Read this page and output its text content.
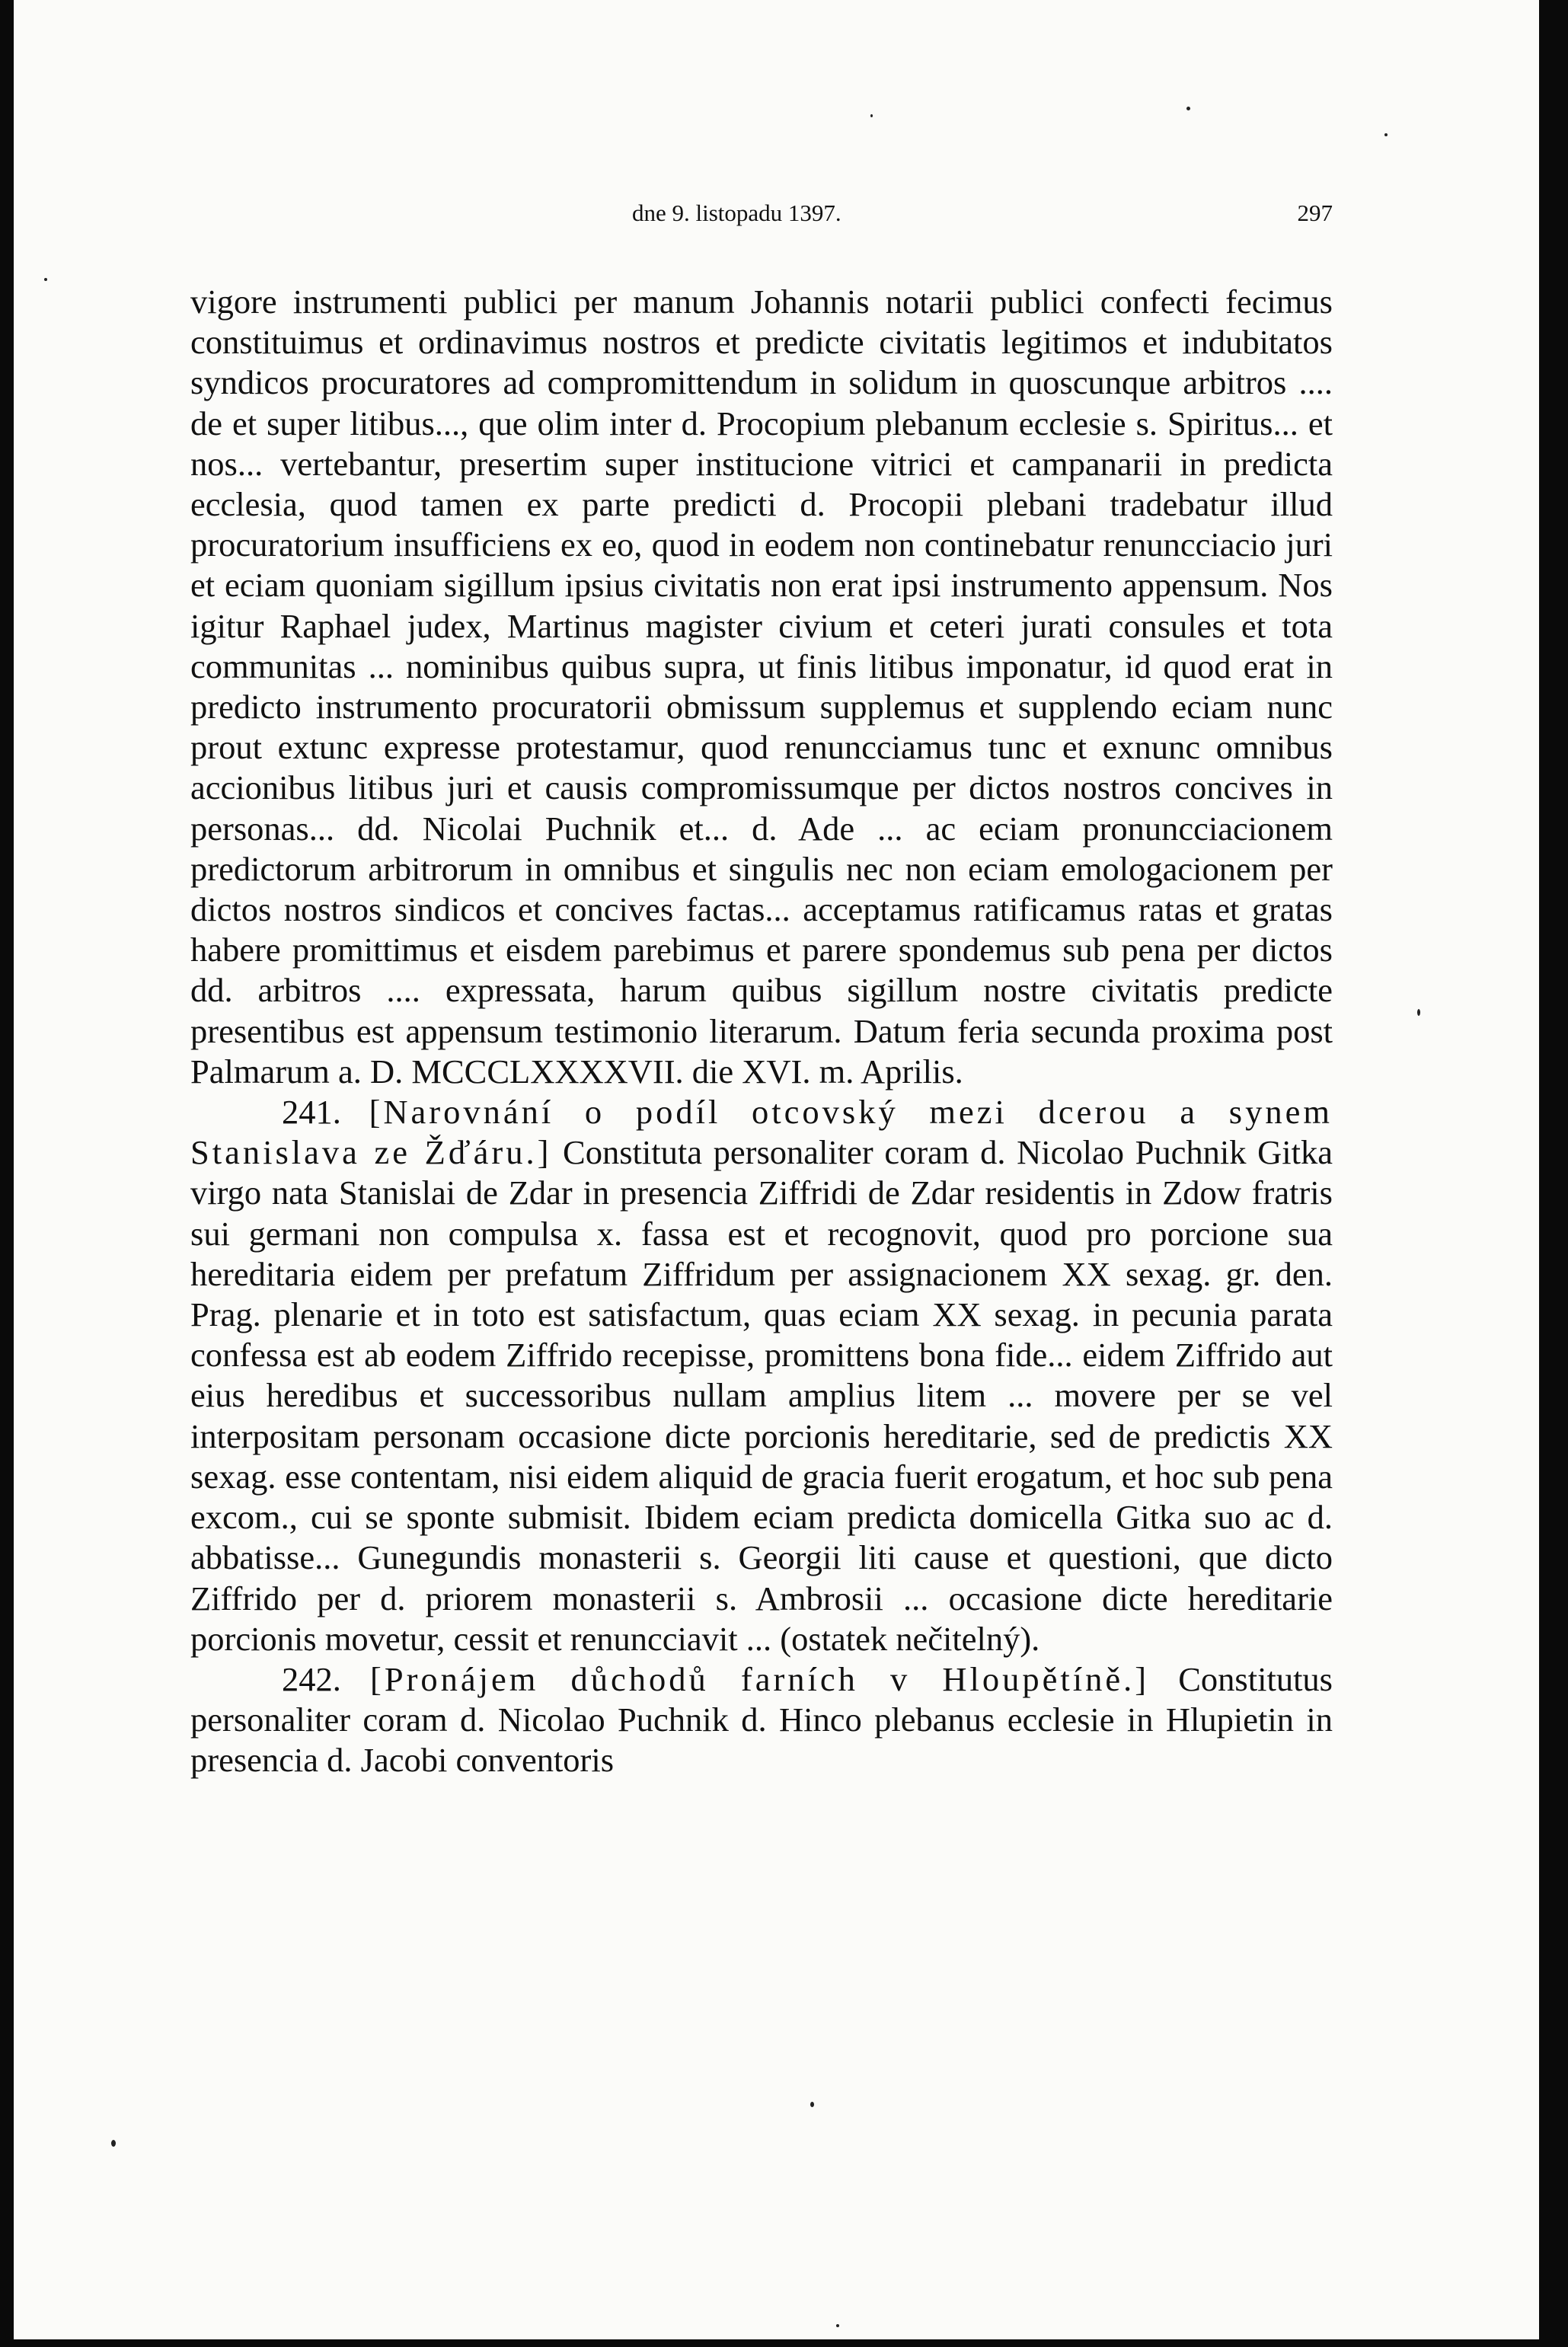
dne 9. listopadu 1397.	297

vigore instrumenti publici per manum Johannis notarii publici confecti fecimus constituimus et ordinavimus nostros et predicte civitatis legitimos et indubitatos syndicos procuratores ad compromittendum in solidum in quoscunque arbitros .... de et super litibus..., que olim inter d. Procopium plebanum ecclesie s. Spiritus... et nos... vertebantur, presertim super institucione vitrici et campanarii in predicta ecclesia, quod tamen ex parte predicti d. Procopii plebani tradebatur illud procuratorium insufficiens ex eo, quod in eodem non continebatur renuncciacio juri et eciam quoniam sigillum ipsius civitatis non erat ipsi instrumento appensum. Nos igitur Raphael judex, Martinus magister civium et ceteri jurati consules et tota communitas ... nominibus quibus supra, ut finis litibus imponatur, id quod erat in predicto instrumento procuratorii obmissum supplemus et supplendo eciam nunc prout extunc expresse protestamur, quod renuncciamus tunc et exnunc omnibus accionibus litibus juri et causis compromissumque per dictos nostros concives in personas... dd. Nicolai Puchnik et... d. Ade ... ac eciam pronuncciacionem predictorum arbitrorum in omnibus et singulis nec non eciam emologacionem per dictos nostros sindicos et concives factas... acceptamus ratificamus ratas et gratas habere promittimus et eisdem parebimus et parere spondemus sub pena per dictos dd. arbitros .... expressata, harum quibus sigillum nostre civitatis predicte presentibus est appensum testimonio literarum. Datum feria secunda proxima post Palmarum a. D. MCCCLXXXXVII. die XVI. m. Aprilis.

241. [Narovnání o podíl otcovský mezi dcerou a synem Stanislava ze Žďáru.] Constituta personaliter coram d. Nicolao Puchnik Gitka virgo nata Stanislai de Zdar in presencia Ziffridi de Zdar residentis in Zdow fratris sui germani non compulsa x. fassa est et recognovit, quod pro porcione sua hereditaria eidem per prefatum Ziffridum per assignacionem XX sexag. gr. den. Prag. plenarie et in toto est satisfactum, quas eciam XX sexag. in pecunia parata confessa est ab eodem Ziffrido recepisse, promittens bona fide... eidem Ziffrido aut eius heredibus et successoribus nullam amplius litem ... movere per se vel interpositam personam occasione dicte porcionis hereditarie, sed de predictis XX sexag. esse contentam, nisi eidem aliquid de gracia fuerit erogatum, et hoc sub pena excom., cui se sponte submisit. Ibidem eciam predicta domicella Gitka suo ac d. abbatisse... Gunegundis monasterii s. Georgii liti cause et questioni, que dicto Ziffrido per d. priorem monasterii s. Ambrosii ... occasione dicte hereditarie porcionis movetur, cessit et renuncciavit ... (ostatek nečitelný).

242. [Pronájem důchodů farních v Hloupětíně.] Constitutus personaliter coram d. Nicolao Puchnik d. Hinco plebanus ecclesie in Hlupietin in presencia d. Jacobi conventoris
